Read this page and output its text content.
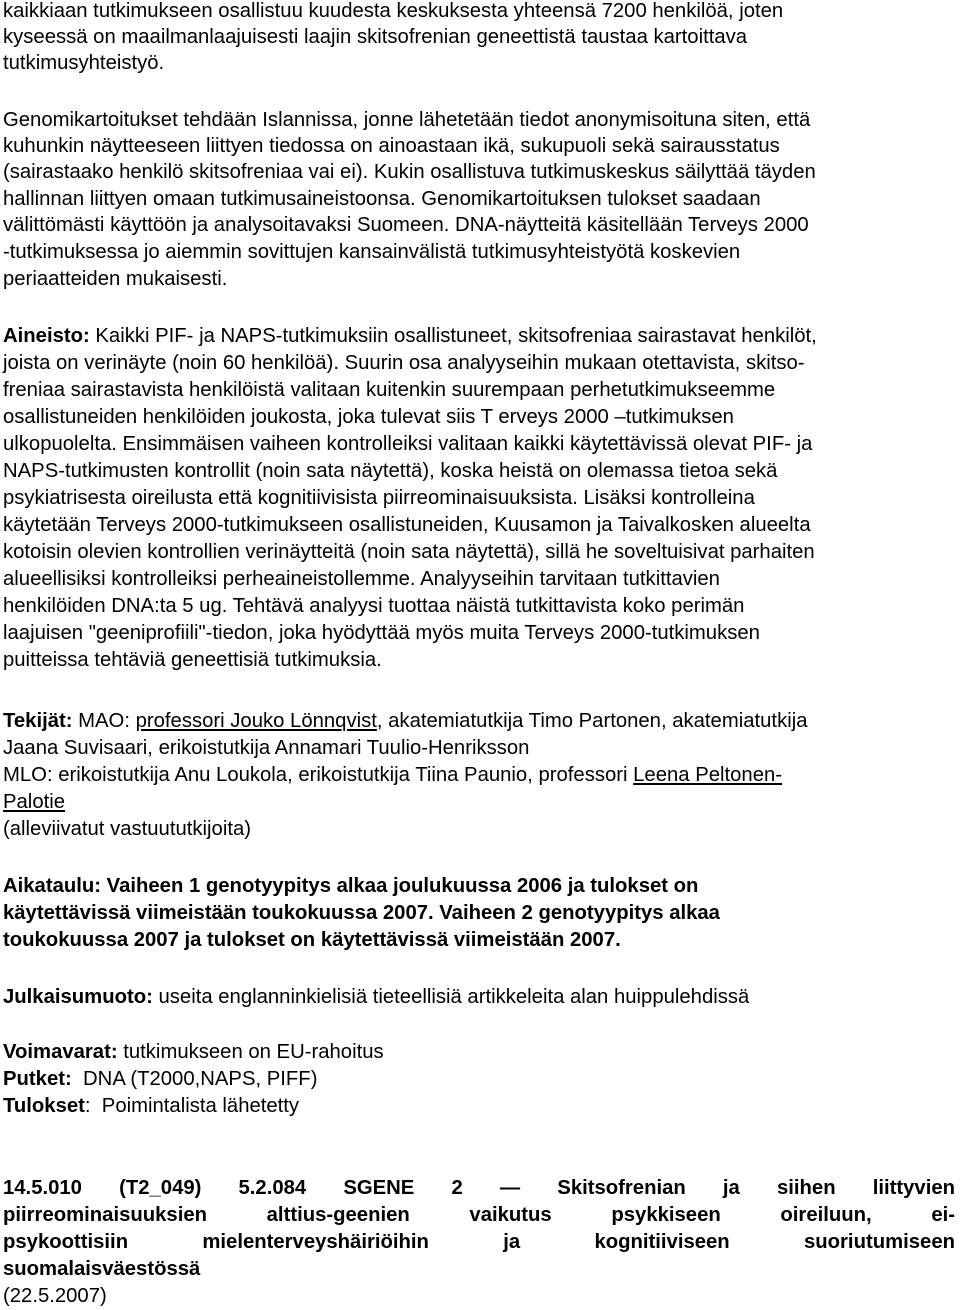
kaikkiaan tutkimukseen osallistuu kuudesta keskuksesta yhteensä 7200 henkilöä, joten
kyseessä on maailmanlaajuisesti laajin skitsofrenian geneettistä taustaa kartoittava
tutkimusyhteistyö.
Genomikartoitukset tehdään Islannissa, jonne lähetetään tiedot anonymisoituna siten, että
kuhunkin näytteeseen liittyen tiedossa on ainoastaan ikä, sukupuoli sekä sairausstatus
(sairastaako henkilö skitsofreniaa vai ei). Kukin osallistuva tutkimuskeskus säilyttää täyden
hallinnan liittyen omaan tutkimusaineistoonsa. Genomikartoituksen tulokset saadaan
välittömästi käyttöön ja analysoitavaksi Suomeen. DNA-näytteitä käsitellään Terveys 2000
-tutkimuksessa jo aiemmin sovittujen kansainvälistä tutkimusyhteistyötä koskevien
periaatteiden mukaisesti.
Aineisto: Kaikki PIF- ja NAPS-tutkimuksiin osallistuneet, skitsofreniaa sairastavat henkilöt,
joista on verinäyte (noin 60 henkilöä). Suurin osa analyyseihin mukaan otettavista, skitso-
freniaa sairastavista henkilöistä valitaan kuitenkin suurempaan perhetutkimukseemme
osallistuneiden henkilöiden joukosta, joka tulevat siis T erveys 2000 –tutkimuksen
ulkopuolelta. Ensimmäisen vaiheen kontrolleiksi valitaan kaikki käytettävissä olevat PIF- ja
NAPS-tutkimusten kontrollit (noin sata näytettä), koska heistä on olemassa tietoa sekä
psykiatrisesta oireilusta että kognitiivisista piirreominaisuuksista. Lisäksi kontrolleina
käytetään Terveys 2000-tutkimukseen osallistuneiden, Kuusamon ja Taivalkosken alueelta
kotoisin olevien kontrollien verinäytteitä (noin sata näytettä), sillä he soveltuisivat parhaiten
alueellisiksi kontrolleiksi perheaineistollemme. Analyyseihin tarvitaan tutkittavien
henkilöiden DNA:ta 5 ug. Tehtävä analyysi tuottaa näistä tutkittavista koko perimän
laajuisen "geeniprofiili"-tiedon, joka hyödyttää myös muita Terveys 2000-tutkimuksen
puitteissa tehtäviä geneettisiä tutkimuksia.
Tekijät: MAO: professori Jouko Lönnqvist, akatemiatutkija Timo Partonen, akatemiatutkija
Jaana Suvisaari, erikoistutkija Annamari Tuulio-Henriksson
MLO: erikoistutkija Anu Loukola, erikoistutkija Tiina Paunio, professori Leena Peltonen-
Palotie
(alleviivatut vastuututkijoita)
Aikataulu: Vaiheen 1 genotyypitys alkaa joulukuussa 2006 ja tulokset on
käytettävissä viimeistään toukokuussa 2007. Vaiheen 2 genotyypitys alkaa
toukokuussa 2007 ja tulokset on käytettävissä viimeistään 2007.
Julkaisumuoto: useita englanninkielisiä tieteellisiä artikkeleita alan huippulehdissä
Voimavarat: tutkimukseen on EU-rahoitus
Putket:  DNA (T2000,NAPS, PIFF)
Tulokset:  Poimintalista lähetetty
14.5.010 (T2_049) 5.2.084 SGENE 2 — Skitsofrenian ja siihen liittyvien
piirreominaisuuksien alttius-geenien vaikutus psykkiseen oireiluun, ei-
psykoottisiin mielenterveyshäiriöihin ja kognitiiviseen suoriutumiseen
suomalaisväestössä
(22.5.2007)
